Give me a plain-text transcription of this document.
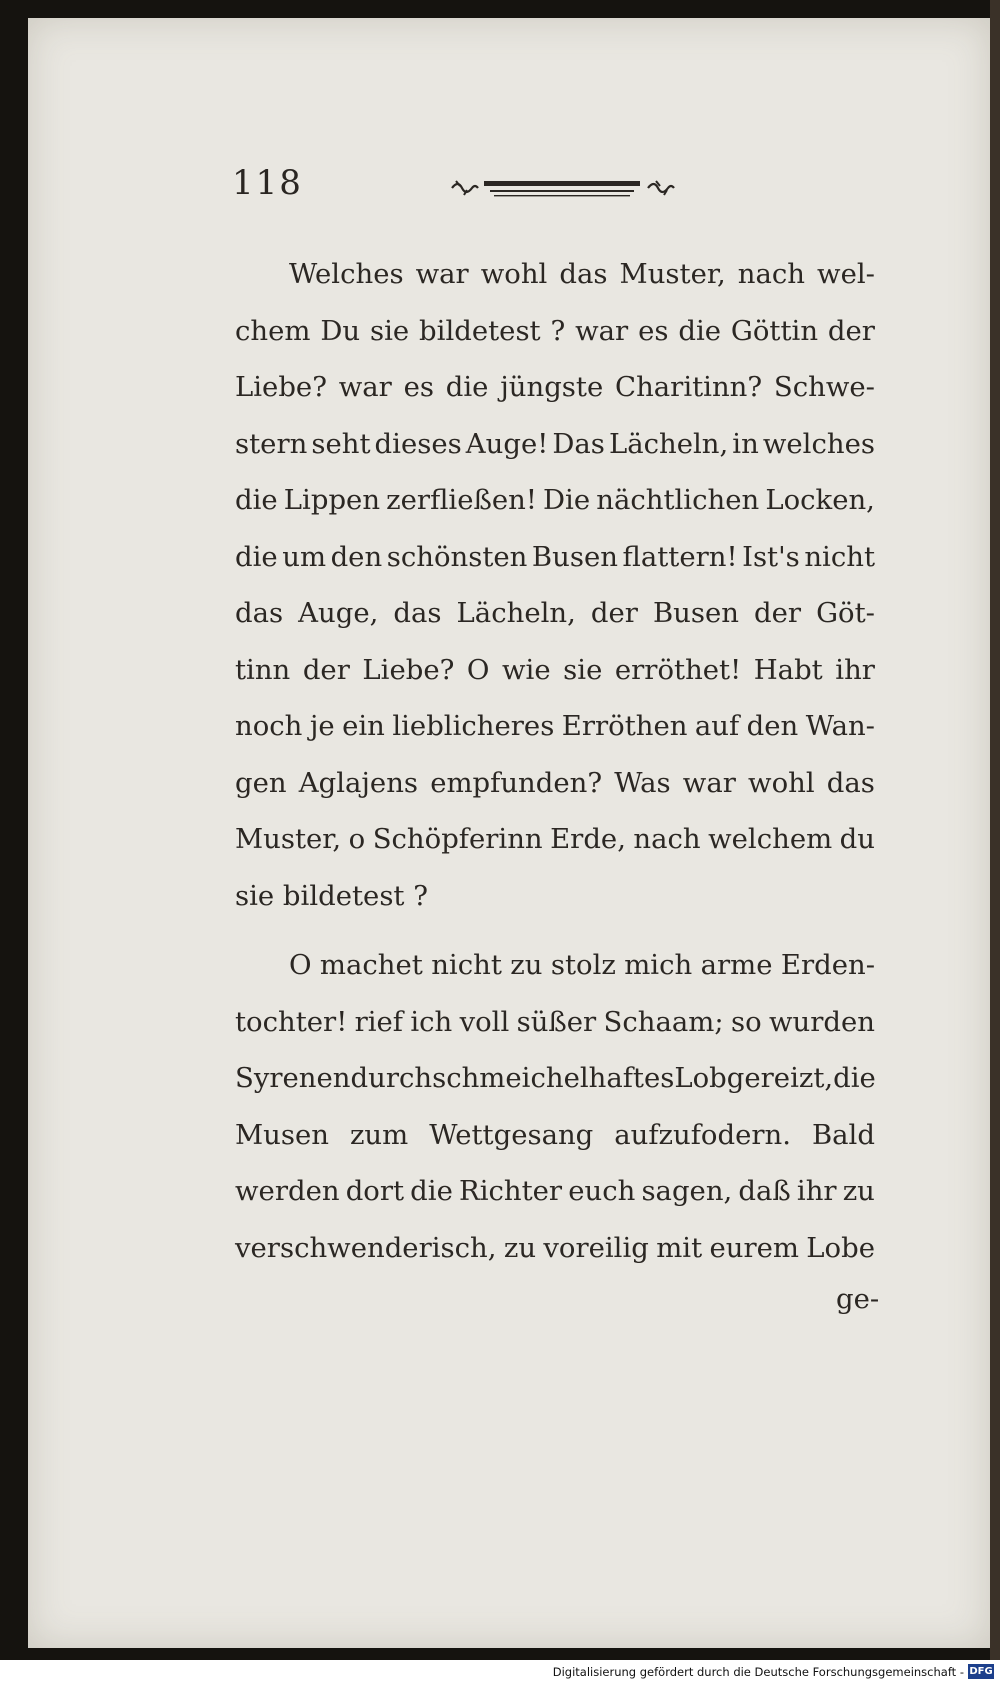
118
Welches war wohl das Muster, nach wel-
chem Du sie bildetest ? war es die Göttin der
Liebe? war es die jüngste Charitinn? Schwe-
stern seht dieses Auge! Das Lächeln, in welches
die Lippen zerfließen! Die nächtlichen Locken,
die um den schönsten Busen flattern! Ist's nicht
das Auge, das Lächeln, der Busen der Göt-
tinn der Liebe? O wie sie erröthet! Habt ihr
noch je ein lieblicheres Erröthen auf den Wan-
gen Aglajens empfunden? Was war wohl das
Muster, o Schöpferinn Erde, nach welchem du
sie bildetest ?
O machet nicht zu stolz mich arme Erden-
tochter! rief ich voll süßer Schaam; so wurden
Syrenen durch schmeichelhaftes Lob gereizt, die
Musen zum Wettgesang aufzufodern. Bald
werden dort die Richter euch sagen, daß ihr zu
verschwenderisch, zu voreilig mit eurem Lobe
ge-
Digitalisierung gefördert durch die Deutsche Forschungsgemeinschaft - DFG
